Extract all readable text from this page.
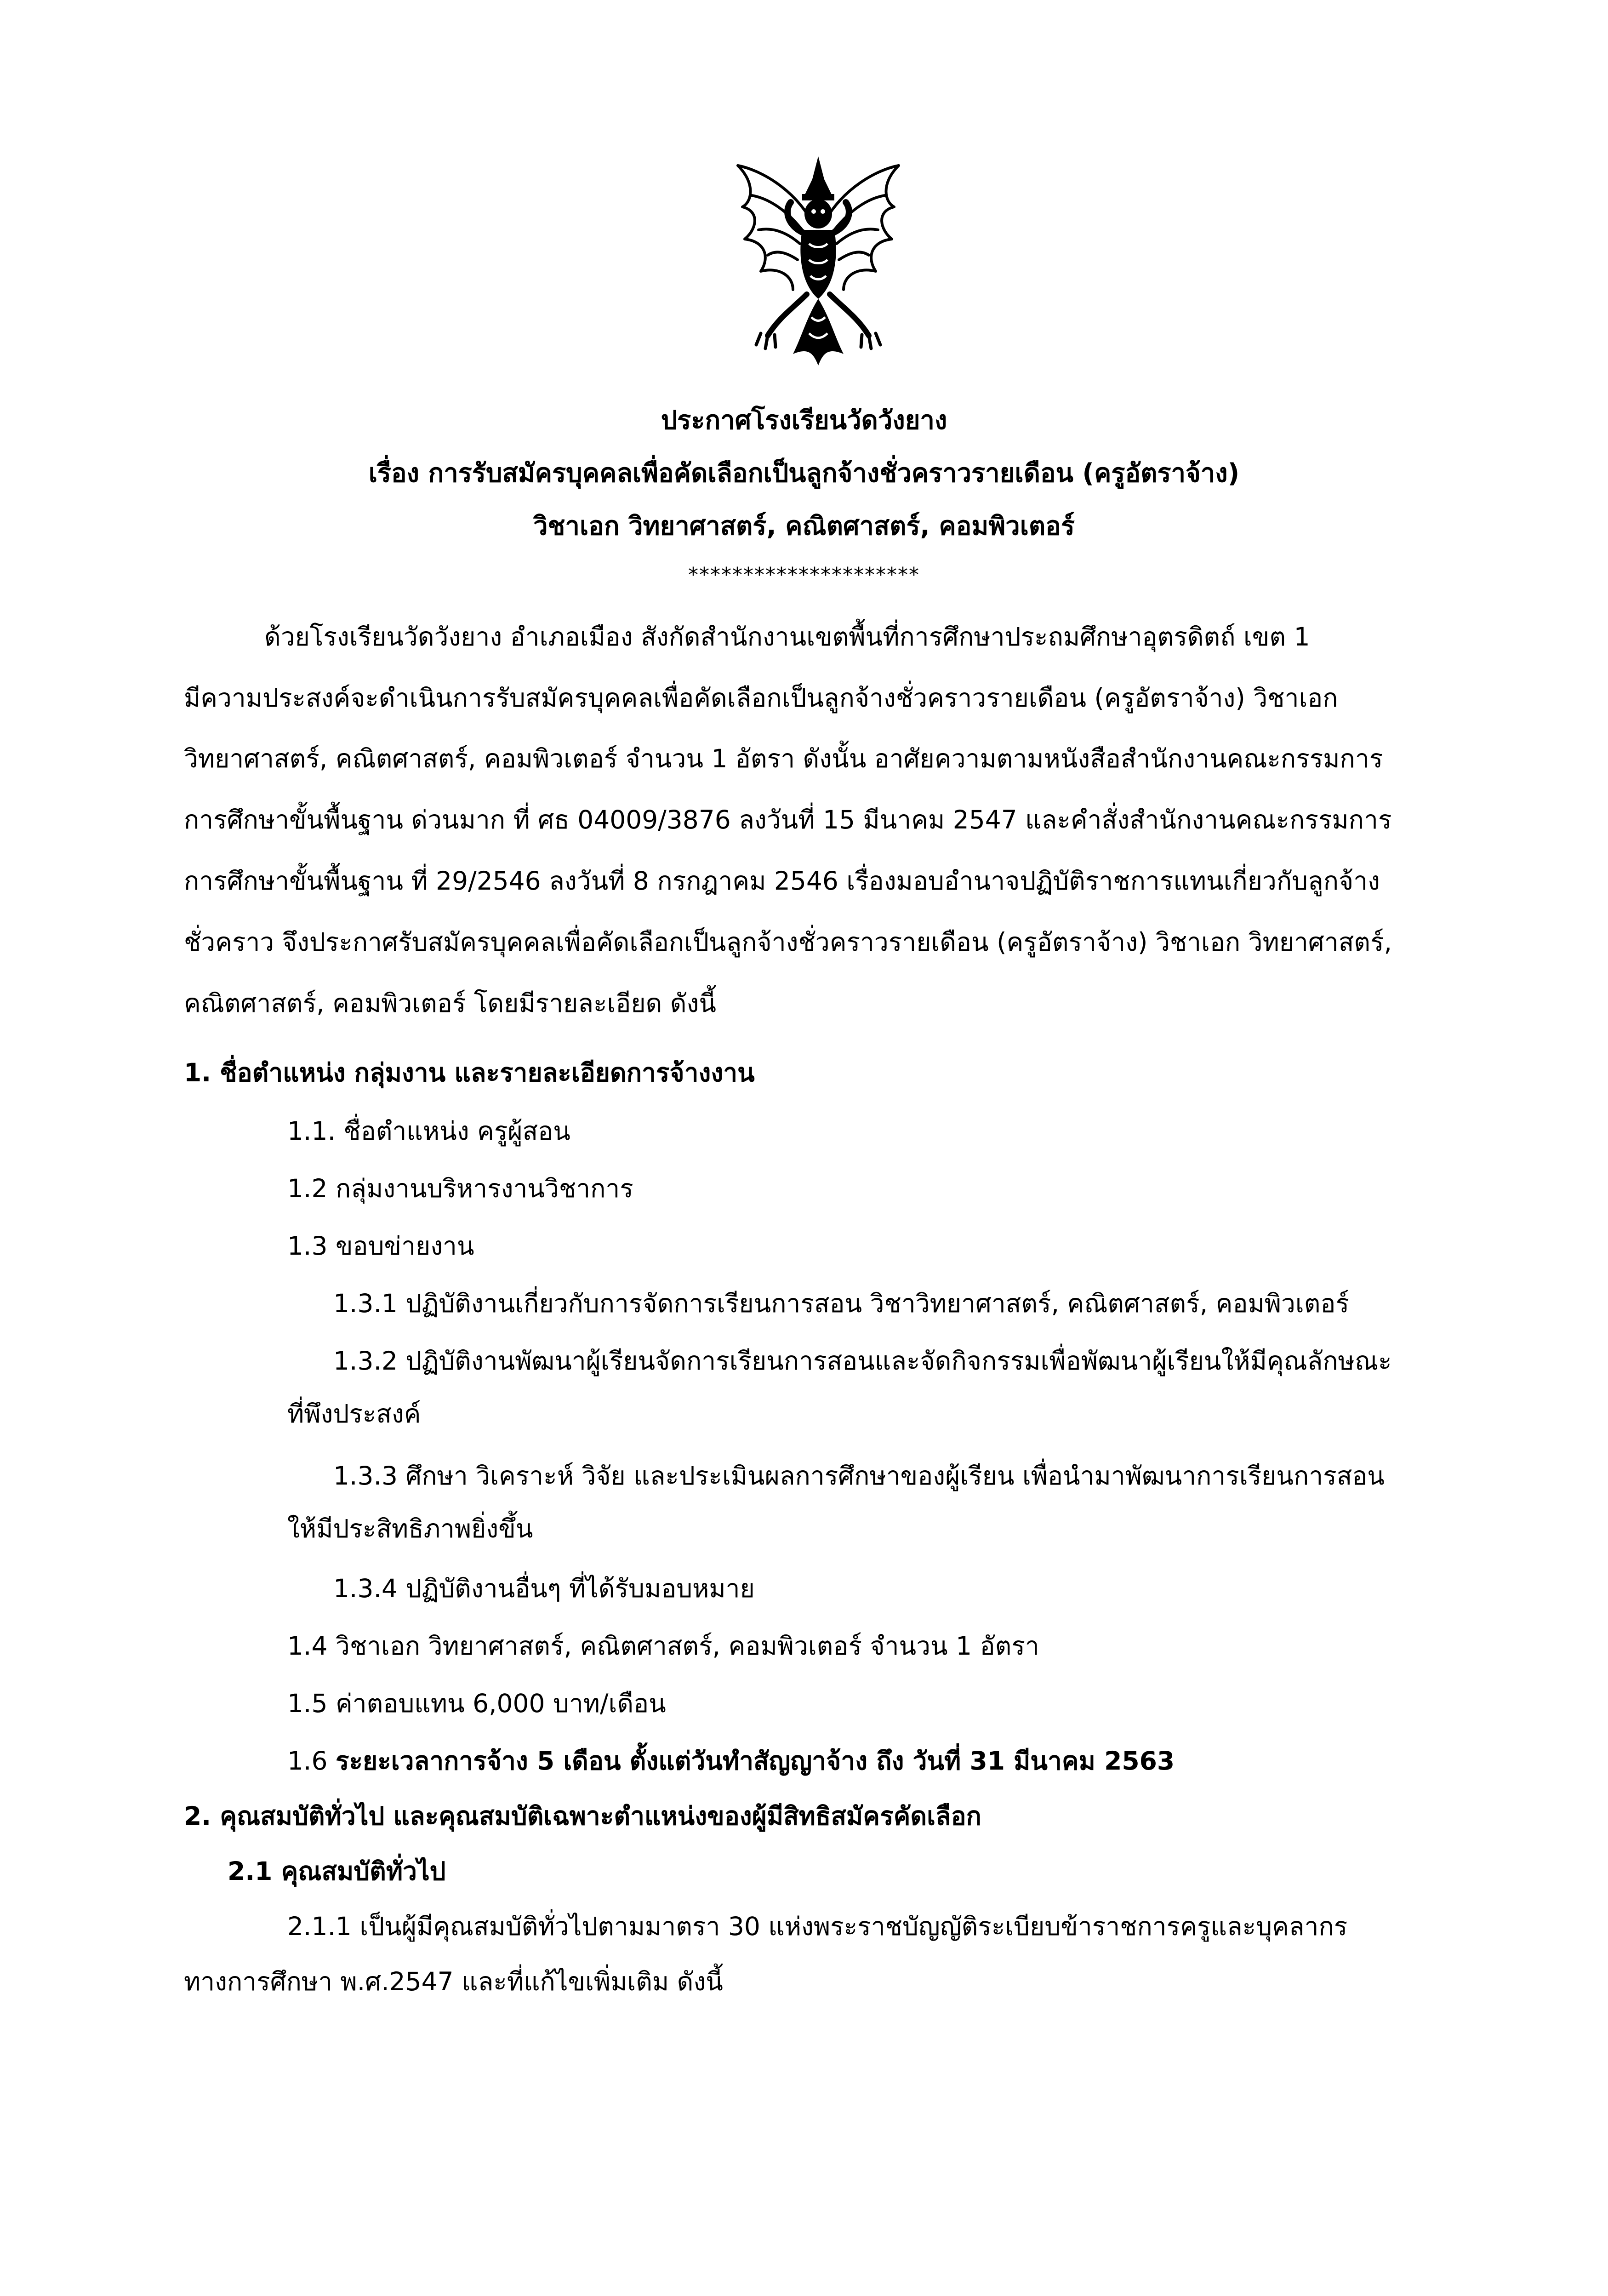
ประกาศโรงเรียนวัดวังยาง
เรื่อง การรับสมัครบุคคลเพื่อคัดเลือกเป็นลูกจ้างชั่วคราวรายเดือน (ครูอัตราจ้าง)
วิชาเอก วิทยาศาสตร์, คณิตศาสตร์, คอมพิวเตอร์
*********************
ด้วยโรงเรียนวัดวังยาง อำเภอเมือง สังกัดสำนักงานเขตพื้นที่การศึกษาประถมศึกษาอุตรดิตถ์ เขต 1
มีความประสงค์จะดำเนินการรับสมัครบุคคลเพื่อคัดเลือกเป็นลูกจ้างชั่วคราวรายเดือน (ครูอัตราจ้าง) วิชาเอก
วิทยาศาสตร์, คณิตศาสตร์, คอมพิวเตอร์ จำนวน 1 อัตรา ดังนั้น อาศัยความตามหนังสือสำนักงานคณะกรรมการ
การศึกษาขั้นพื้นฐาน ด่วนมาก ที่ ศธ 04009/3876 ลงวันที่ 15 มีนาคม 2547 และคำสั่งสำนักงานคณะกรรมการ
การศึกษาขั้นพื้นฐาน ที่ 29/2546 ลงวันที่ 8 กรกฎาคม 2546 เรื่องมอบอำนาจปฏิบัติราชการแทนเกี่ยวกับลูกจ้าง
ชั่วคราว จึงประกาศรับสมัครบุคคลเพื่อคัดเลือกเป็นลูกจ้างชั่วคราวรายเดือน (ครูอัตราจ้าง) วิชาเอก วิทยาศาสตร์,
คณิตศาสตร์, คอมพิวเตอร์ โดยมีรายละเอียด ดังนี้
1. ชื่อตำแหน่ง กลุ่มงาน และรายละเอียดการจ้างงาน
1.1. ชื่อตำแหน่ง ครูผู้สอน
1.2 กลุ่มงานบริหารงานวิชาการ
1.3 ขอบข่ายงาน
1.3.1 ปฏิบัติงานเกี่ยวกับการจัดการเรียนการสอน วิชาวิทยาศาสตร์, คณิตศาสตร์, คอมพิวเตอร์
1.3.2 ปฏิบัติงานพัฒนาผู้เรียนจัดการเรียนการสอนและจัดกิจกรรมเพื่อพัฒนาผู้เรียนให้มีคุณลักษณะ
ที่พึงประสงค์
1.3.3 ศึกษา วิเคราะห์ วิจัย และประเมินผลการศึกษาของผู้เรียน เพื่อนำมาพัฒนาการเรียนการสอน
ให้มีประสิทธิภาพยิ่งขึ้น
1.3.4 ปฏิบัติงานอื่นๆ ที่ได้รับมอบหมาย
1.4 วิชาเอก วิทยาศาสตร์, คณิตศาสตร์, คอมพิวเตอร์ จำนวน 1 อัตรา
1.5 ค่าตอบแทน 6,000 บาท/เดือน
1.6 ระยะเวลาการจ้าง 5 เดือน ตั้งแต่วันทำสัญญาจ้าง ถึง วันที่ 31 มีนาคม 2563
2. คุณสมบัติทั่วไป และคุณสมบัติเฉพาะตำแหน่งของผู้มีสิทธิสมัครคัดเลือก
2.1 คุณสมบัติทั่วไป
2.1.1 เป็นผู้มีคุณสมบัติทั่วไปตามมาตรา 30 แห่งพระราชบัญญัติระเบียบข้าราชการครูและบุคลากร
ทางการศึกษา พ.ศ.2547 และที่แก้ไขเพิ่มเติม ดังนี้
